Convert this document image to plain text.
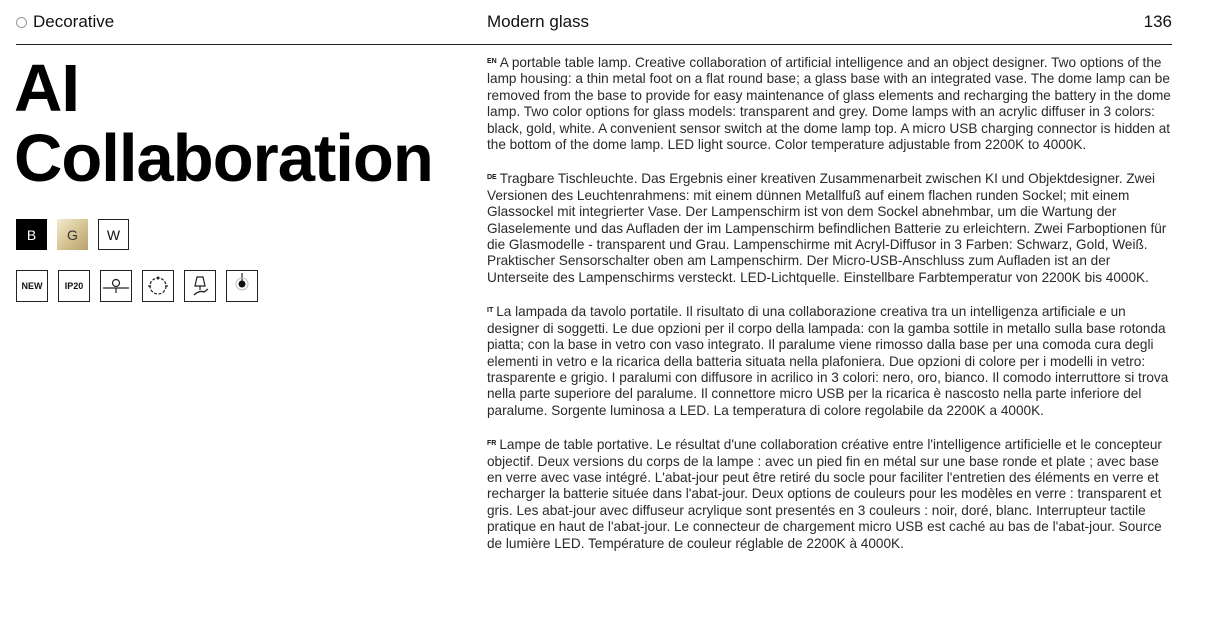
Decorative	Modern glass	136
AI
Collaboration
B	G	W
NEW	IP20

$^{EN}$ A portable table lamp. Creative collaboration of artificial intelligence and an object designer. Two options of the lamp housing: a thin metal foot on a flat round base; a glass base with an integrated vase. The dome lamp can be removed from the base to provide for easy maintenance of glass elements and recharging the battery in the dome lamp. Two color options for glass models: transparent and grey. Dome lamps with an acrylic diffuser in 3 colors: black, gold, white. A convenient sensor switch at the dome lamp top. A micro USB charging connector is hidden at the bottom of the dome lamp. LED light source. Color temperature adjustable from 2200K to 4000K.

$^{DE}$ Tragbare Tischleuchte. Das Ergebnis einer kreativen Zusammenarbeit zwischen KI und Objektdesigner. Zwei Versionen des Leuchtenrahmens: mit einem dünnen Metallfuß auf einem flachen runden Sockel; mit einem Glassockel mit integrierter Vase. Der Lampenschirm ist von dem Sockel abnehmbar, um die Wartung der Glaselemente und das Aufladen der im Lampenschirm befindlichen Batterie zu erleichtern. Zwei Farboptionen für die Glasmodelle - transparent und Grau. Lampenschirme mit Acryl-Diffusor in 3 Farben: Schwarz, Gold, Weiß. Praktischer Sensorschalter oben am Lampenschirm. Der Micro-USB-Anschluss zum Aufladen ist an der Unterseite des Lampenschirms versteckt. LED-Lichtquelle. Einstellbare Farbtemperatur von 2200K bis 4000K.

$^{IT}$ La lampada da tavolo portatile. Il risultato di una collaborazione creativa tra un intelligenza artificiale e un designer di soggetti. Le due opzioni per il corpo della lampada: con la gamba sottile in metallo sulla base rotonda piatta; con la base in vetro con vaso integrato. Il paralume viene rimosso dalla base per una comoda cura degli elementi in vetro e la ricarica della batteria situata nella plafoniera. Due opzioni di colore per i modelli in vetro: trasparente e grigio. I paralumi con diffusore in acrilico in 3 colori: nero, oro, bianco. Il comodo interruttore si trova nella parte superiore del paralume. Il connettore micro USB per la ricarica è nascosto nella parte inferiore del paralume. Sorgente luminosa a LED. La temperatura di colore regolabile da 2200K a 4000K.

$^{FR}$ Lampe de table portative. Le résultat d'une collaboration créative entre l'intelligence artificielle et le concepteur objectif. Deux versions du corps de la lampe : avec un pied fin en métal sur une base ronde et plate ; avec base en verre avec vase intégré. L'abat-jour peut être retiré du socle pour faciliter l'entretien des éléments en verre et recharger la batterie située dans l'abat-jour. Deux options de couleurs pour les modèles en verre : transparent et gris. Les abat-jour avec diffuseur acrylique sont presentés en 3 couleurs : noir, doré, blanc. Interrupteur tactile pratique en haut de l'abat-jour. Le connecteur de chargement micro USB est caché au bas de l'abat-jour. Source de lumière LED. Température de couleur réglable de 2200K à 4000K.
